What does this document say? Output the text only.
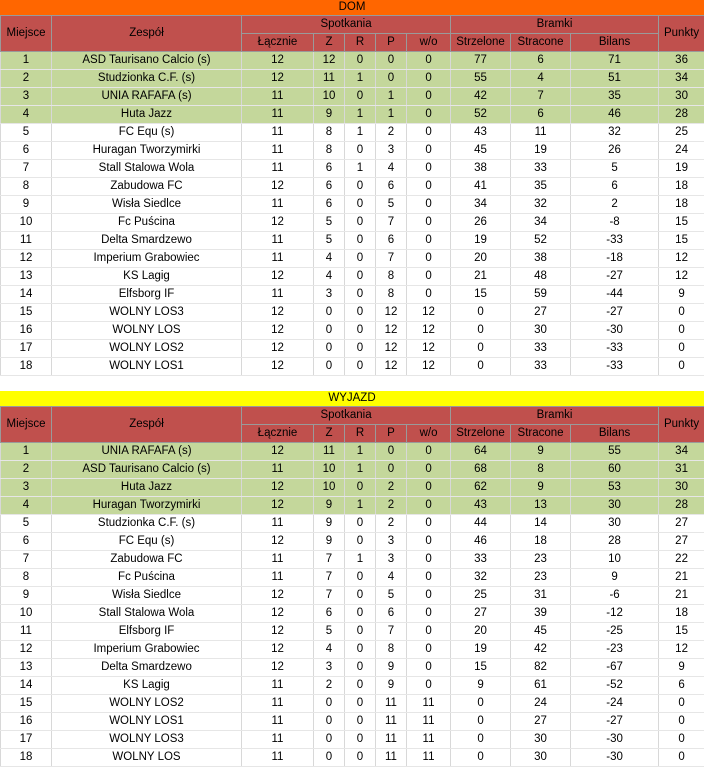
DOM
Miejsce	Zespół	Spotkania					Bramki			Punkty
		Łącznie	Z	R	P	w/o	Strzelone	Stracone	Bilans	
1	ASD Taurisano Calcio (s)	12	12	0	0	0	77	6	71	36
2	Studzionka C.F. (s)	12	11	1	0	0	55	4	51	34
3	UNIA RAFAFA (s)	11	10	0	1	0	42	7	35	30
4	Huta Jazz	11	9	1	1	0	52	6	46	28
5	FC Equ (s)	11	8	1	2	0	43	11	32	25
6	Huragan Tworzymirki	11	8	0	3	0	45	19	26	24
7	Stall Stalowa Wola	11	6	1	4	0	38	33	5	19
8	Zabudowa FC	12	6	0	6	0	41	35	6	18
9	Wisła Siedlce	11	6	0	5	0	34	32	2	18
10	Fc Puścina	12	5	0	7	0	26	34	-8	15
11	Delta Smardzewo	11	5	0	6	0	19	52	-33	15
12	Imperium Grabowiec	11	4	0	7	0	20	38	-18	12
13	KS Lagig	12	4	0	8	0	21	48	-27	12
14	Elfsborg IF	11	3	0	8	0	15	59	-44	9
15	WOLNY LOS3	12	0	0	12	12	0	27	-27	0
16	WOLNY LOS	12	0	0	12	12	0	30	-30	0
17	WOLNY LOS2	12	0	0	12	12	0	33	-33	0
18	WOLNY LOS1	12	0	0	12	12	0	33	-33	0
WYJAZD
Miejsce	Zespół	Spotkania					Bramki			Punkty
		Łącznie	Z	R	P	w/o	Strzelone	Stracone	Bilans	
1	UNIA RAFAFA (s)	12	11	1	0	0	64	9	55	34
2	ASD Taurisano Calcio (s)	11	10	1	0	0	68	8	60	31
3	Huta Jazz	12	10	0	2	0	62	9	53	30
4	Huragan Tworzymirki	12	9	1	2	0	43	13	30	28
5	Studzionka C.F. (s)	11	9	0	2	0	44	14	30	27
6	FC Equ (s)	12	9	0	3	0	46	18	28	27
7	Zabudowa FC	11	7	1	3	0	33	23	10	22
8	Fc Puścina	11	7	0	4	0	32	23	9	21
9	Wisła Siedlce	12	7	0	5	0	25	31	-6	21
10	Stall Stalowa Wola	12	6	0	6	0	27	39	-12	18
11	Elfsborg IF	12	5	0	7	0	20	45	-25	15
12	Imperium Grabowiec	12	4	0	8	0	19	42	-23	12
13	Delta Smardzewo	12	3	0	9	0	15	82	-67	9
14	KS Lagig	11	2	0	9	0	9	61	-52	6
15	WOLNY LOS2	11	0	0	11	11	0	24	-24	0
16	WOLNY LOS1	11	0	0	11	11	0	27	-27	0
17	WOLNY LOS3	11	0	0	11	11	0	30	-30	0
18	WOLNY LOS	11	0	0	11	11	0	30	-30	0
